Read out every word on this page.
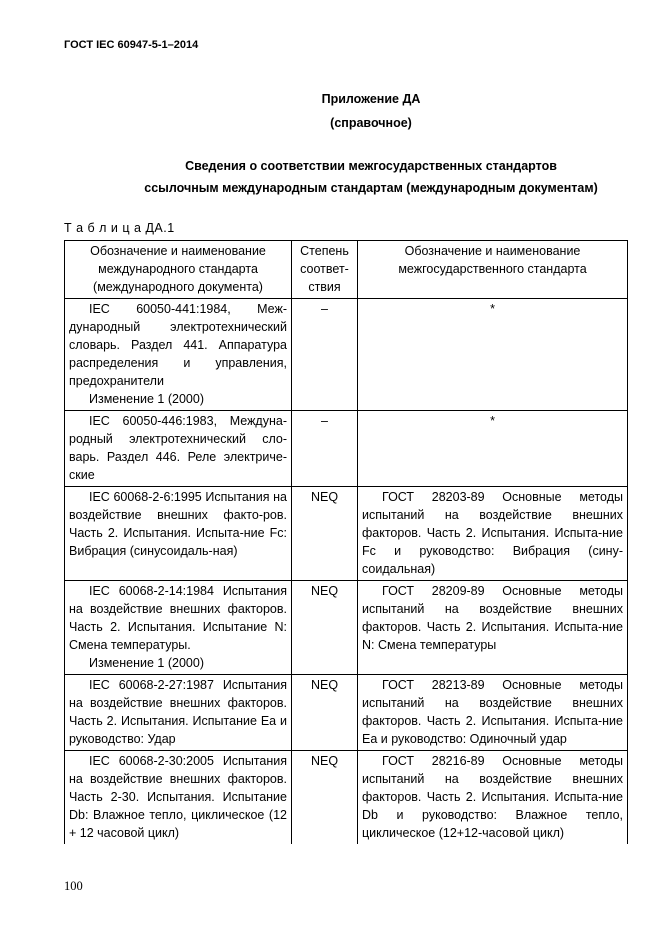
ГОСТ IEC 60947-5-1–2014
Приложение ДА
(справочное)
Сведения о соответствии межгосударственных стандартов
ссылочным международным стандартам (международным документам)
Т а б л и ц а ДА.1
Обозначение и наименование международного стандарта (международного документа)	Степень соответ-ствия	Обозначение и наименование межгосударственного стандарта

IEC 60050-441:1984, Меж-дународный электротехнический словарь. Раздел 441. Аппаратура распределения и управления, предохранители
Изменение 1 (2000)	–	*

IEC 60050-446:1983, Междуна-родный электротехнический сло-варь. Раздел 446. Реле электриче-ские	–	*

IEC 60068-2-6:1995 Испытания на воздействие внешних факто-ров. Часть 2. Испытания. Испыта-ние Fc: Вибрация (синусоидаль-ная)	NEQ	ГОСТ 28203-89 Основные методы испытаний на воздействие внешних факторов. Часть 2. Испытания. Испыта-ние Fc и руководство: Вибрация (сину-соидальная)

IEC 60068-2-14:1984 Испытания на воздействие внешних факторов. Часть 2. Испытания. Испытание N: Смена температуры.
Изменение 1 (2000)	NEQ	ГОСТ 28209-89 Основные методы испытаний на воздействие внешних факторов. Часть 2. Испытания. Испыта-ние N: Смена температуры

IEC 60068-2-27:1987 Испытания на воздействие внешних факторов. Часть 2. Испытания. Испытание Ea и руководство: Удар	NEQ	ГОСТ 28213-89 Основные методы испытаний на воздействие внешних факторов. Часть 2. Испытания. Испыта-ние Ea и руководство: Одиночный удар

IEC 60068-2-30:2005 Испытания на воздействие внешних факторов. Часть 2-30. Испытания. Испытание Db: Влажное тепло, циклическое (12 + 12 часовой цикл)	NEQ	ГОСТ 28216-89 Основные методы испытаний на воздействие внешних факторов. Часть 2. Испытания. Испыта-ние Db и руководство: Влажное тепло, циклическое (12+12-часовой цикл)
100
